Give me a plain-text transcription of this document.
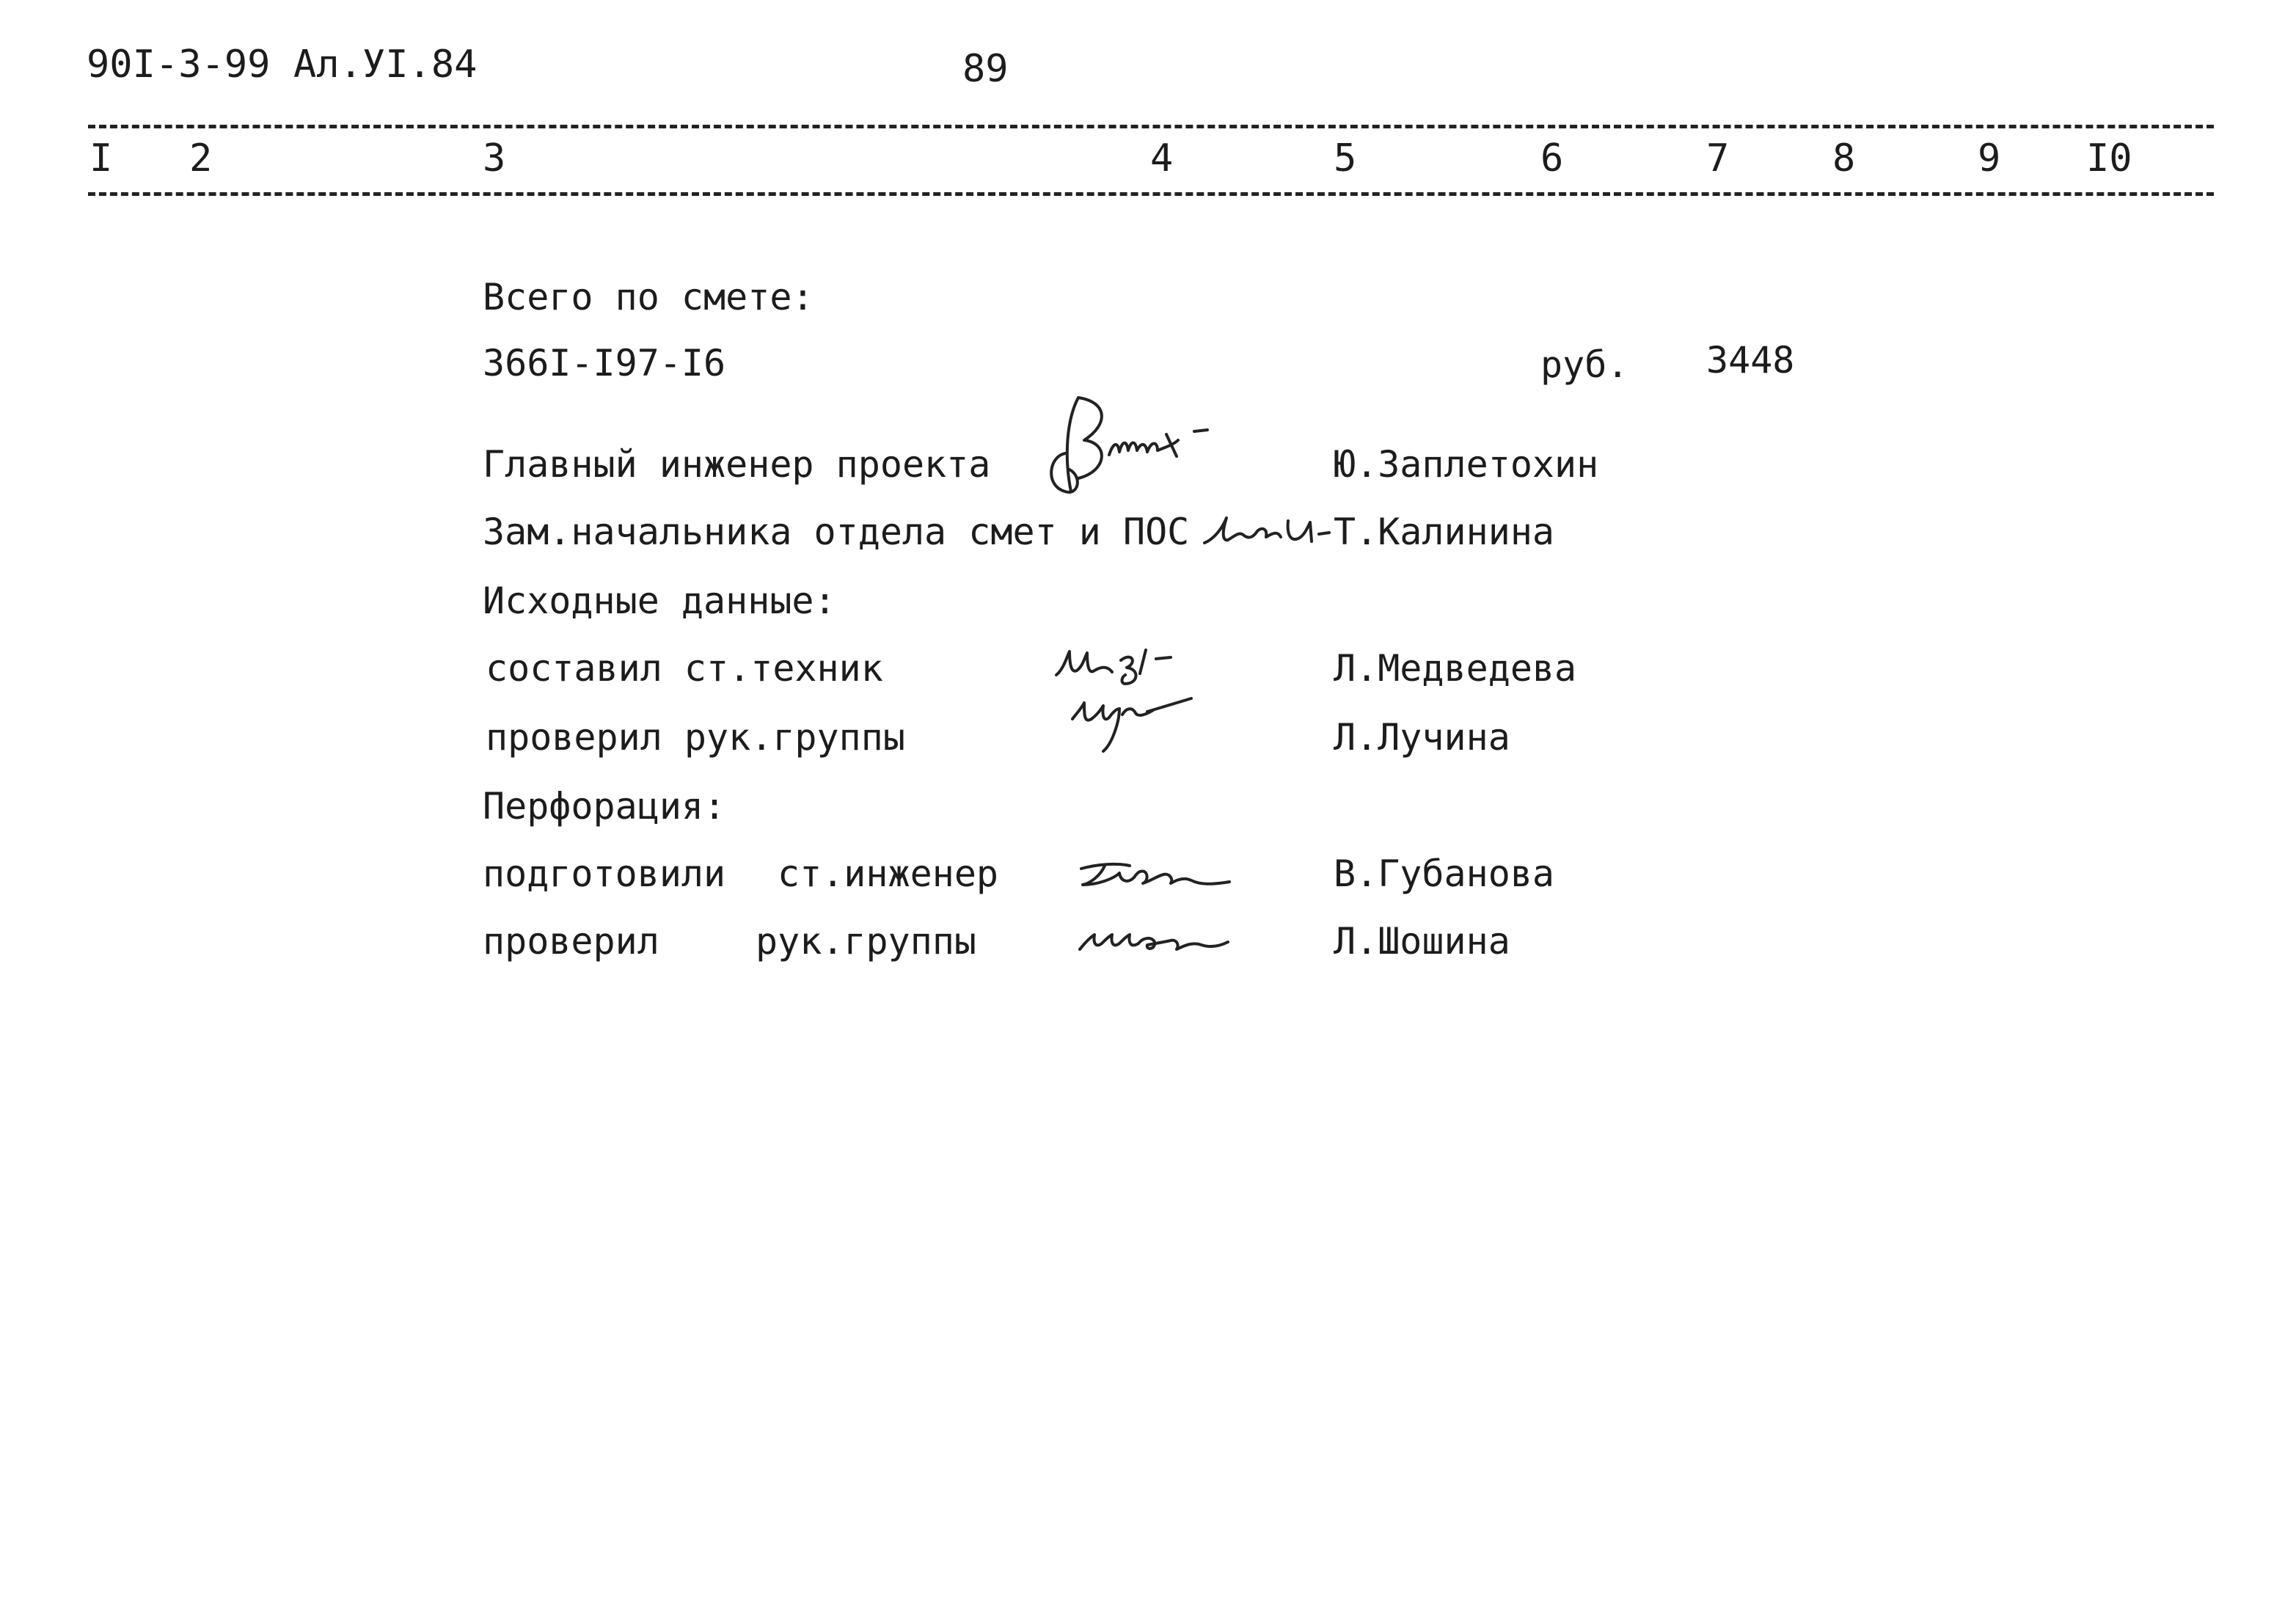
90I-3-99 Ал.УI.84	89
I 2	3	4	5	6	7	8	9 I0
Всего по смете:
366I-I97-I6	руб. 3448
Главный инженер проекта	Ю.Заплетохин
Зам.начальника отдела смет и ПОС	Т.Калинина
Исходные данные:
составил ст.техник	Л.Медведева
проверил рук.группы	Л.Лучина
Перфорация:
подготовили ст.инженер	В.Губанова
проверил	рук.группы	Л.Шошина
